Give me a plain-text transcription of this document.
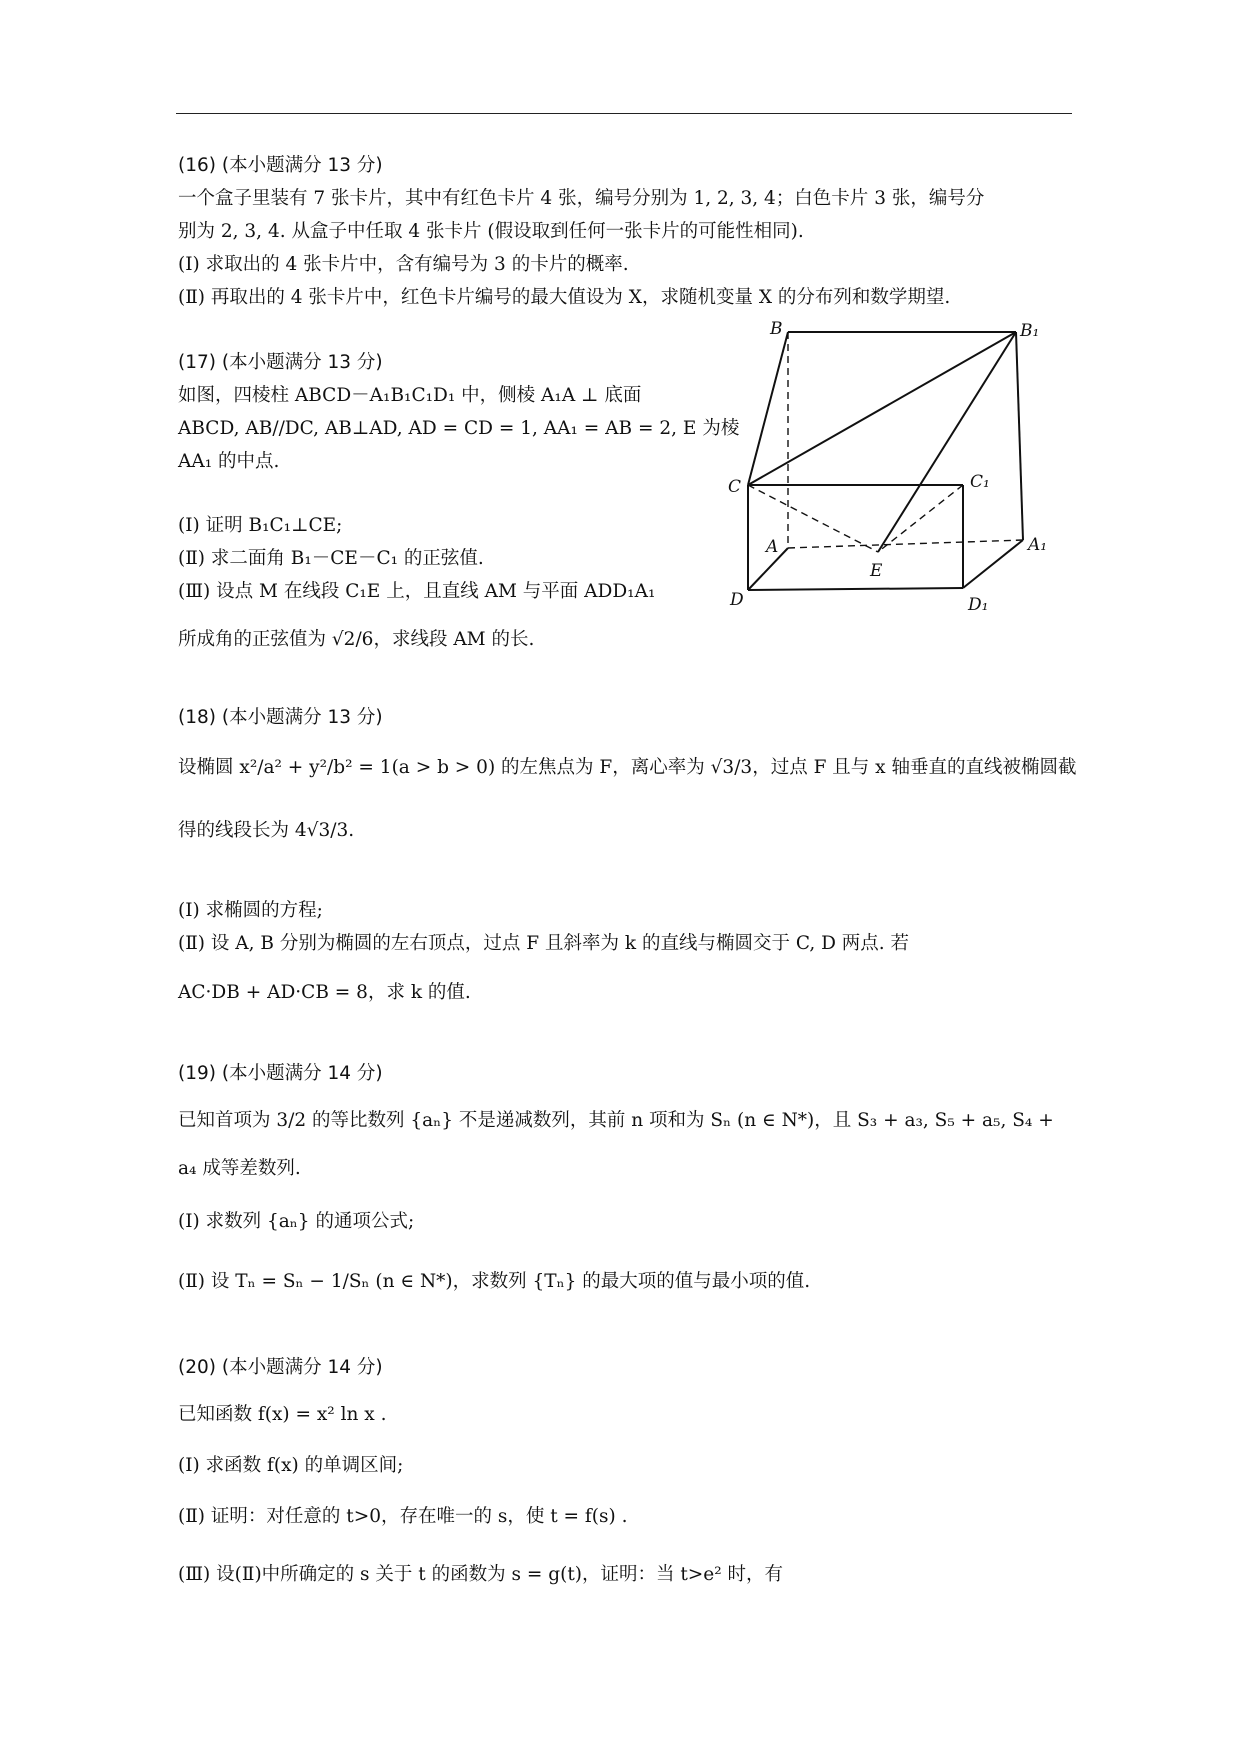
(16) (本小题满分 13 分)
一个盒子里装有 7 张卡片，其中有红色卡片 4 张，编号分别为 1, 2, 3, 4；白色卡片 3 张，编号分
别为 2, 3, 4. 从盒子中任取 4 张卡片 (假设取到任何一张卡片的可能性相同).
(Ⅰ) 求取出的 4 张卡片中，含有编号为 3 的卡片的概率.
(Ⅱ) 再取出的 4 张卡片中，红色卡片编号的最大值设为 X，求随机变量 X 的分布列和数学期望.
(17) (本小题满分 13 分)
如图，四棱柱 ABCD－A₁B₁C₁D₁ 中，侧棱 A₁A ⊥ 底面
ABCD, AB//DC, AB⊥AD, AD = CD = 1, AA₁ = AB = 2, E 为棱
AA₁ 的中点.
(Ⅰ) 证明 B₁C₁⊥CE;
(Ⅱ) 求二面角 B₁－CE－C₁ 的正弦值.
(Ⅲ) 设点 M 在线段 C₁E 上，且直线 AM 与平面 ADD₁A₁
所成角的正弦值为 √2/6，求线段 AM 的长.
B	B₁
C	C₁
A	A₁
E
D	D₁
(18) (本小题满分 13 分)
设椭圆 x²/a² + y²/b² = 1(a > b > 0) 的左焦点为 F，离心率为 √3/3，过点 F 且与 x 轴垂直的直线被椭圆截
得的线段长为 4√3/3.
(Ⅰ) 求椭圆的方程;
(Ⅱ) 设 A, B 分别为椭圆的左右顶点，过点 F 且斜率为 k 的直线与椭圆交于 C, D 两点. 若
AC·DB + AD·CB = 8，求 k 的值.
(19) (本小题满分 14 分)
已知首项为 3/2 的等比数列 {aₙ} 不是递减数列，其前 n 项和为 Sₙ (n ∈ N*)，且 S₃ + a₃, S₅ + a₅, S₄ +
a₄ 成等差数列.
(Ⅰ) 求数列 {aₙ} 的通项公式;
(Ⅱ) 设 Tₙ = Sₙ − 1/Sₙ (n ∈ N*)，求数列 {Tₙ} 的最大项的值与最小项的值.
(20) (本小题满分 14 分)
已知函数 f(x) = x² ln x .
(Ⅰ) 求函数 f(x) 的单调区间;
(Ⅱ) 证明：对任意的 t>0，存在唯一的 s，使 t = f(s) .
(Ⅲ) 设(Ⅱ)中所确定的 s 关于 t 的函数为 s = g(t)，证明：当 t>e² 时，有
